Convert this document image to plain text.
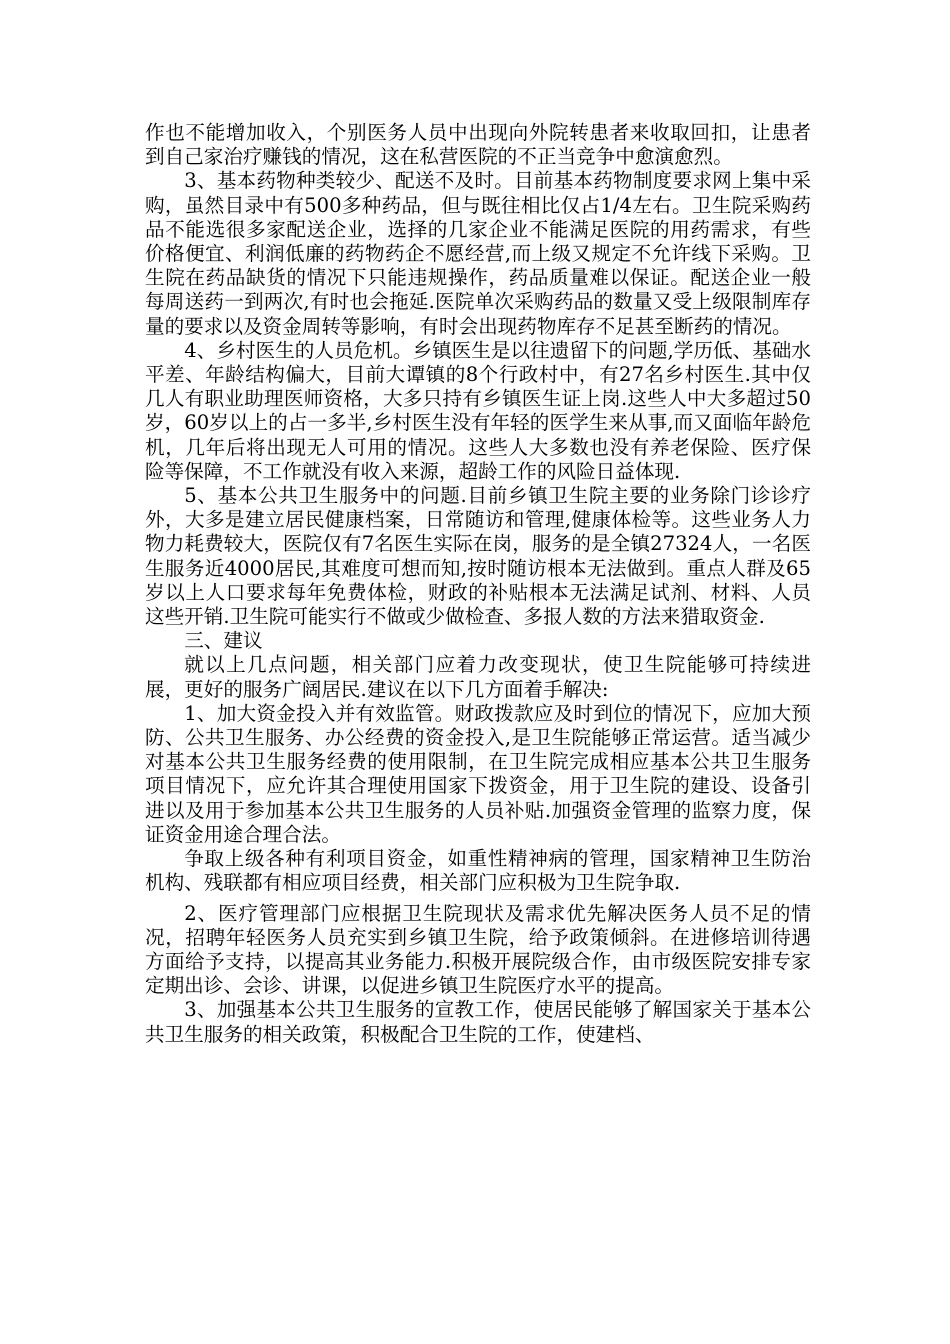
作也不能增加收入，个别医务人员中出现向外院转患者来收取回扣，让患者到自己家治疗赚钱的情况，这在私营医院的不正当竞争中愈演愈烈。

3、基本药物种类较少、配送不及时。目前基本药物制度要求网上集中采购，虽然目录中有500多种药品，但与既往相比仅占1/4左右。卫生院采购药品不能选很多家配送企业，选择的几家企业不能满足医院的用药需求，有些价格便宜、利润低廉的药物药企不愿经营,而上级又规定不允许线下采购。卫生院在药品缺货的情况下只能违规操作，药品质量难以保证。配送企业一般每周送药一到两次,有时也会拖延.医院单次采购药品的数量又受上级限制库存量的要求以及资金周转等影响，有时会出现药物库存不足甚至断药的情况。

4、乡村医生的人员危机。乡镇医生是以往遗留下的问题,学历低、基础水平差、年龄结构偏大，目前大谭镇的8个行政村中，有27名乡村医生.其中仅几人有职业助理医师资格，大多只持有乡镇医生证上岗.这些人中大多超过50岁，60岁以上的占一多半,乡村医生没有年轻的医学生来从事,而又面临年龄危机，几年后将出现无人可用的情况。这些人大多数也没有养老保险、医疗保险等保障，不工作就没有收入来源，超龄工作的风险日益体现.

5、基本公共卫生服务中的问题.目前乡镇卫生院主要的业务除门诊诊疗外，大多是建立居民健康档案，日常随访和管理,健康体检等。这些业务人力物力耗费较大，医院仅有7名医生实际在岗，服务的是全镇27324人，一名医生服务近4000居民,其难度可想而知,按时随访根本无法做到。重点人群及65岁以上人口要求每年免费体检，财政的补贴根本无法满足试剂、材料、人员这些开销.卫生院可能实行不做或少做检查、多报人数的方法来猎取资金.

三、建议

就以上几点问题，相关部门应着力改变现状，使卫生院能够可持续进展，更好的服务广阔居民.建议在以下几方面着手解决:

1、加大资金投入并有效监管。财政拨款应及时到位的情况下，应加大预防、公共卫生服务、办公经费的资金投入,是卫生院能够正常运营。适当减少对基本公共卫生服务经费的使用限制，在卫生院完成相应基本公共卫生服务项目情况下，应允许其合理使用国家下拨资金，用于卫生院的建设、设备引进以及用于参加基本公共卫生服务的人员补贴.加强资金管理的监察力度，保证资金用途合理合法。

争取上级各种有利项目资金，如重性精神病的管理，国家精神卫生防治机构、残联都有相应项目经费，相关部门应积极为卫生院争取.

2、医疗管理部门应根据卫生院现状及需求优先解决医务人员不足的情况，招聘年轻医务人员充实到乡镇卫生院，给予政策倾斜。在进修培训待遇方面给予支持，以提高其业务能力.积极开展院级合作，由市级医院安排专家定期出诊、会诊、讲课，以促进乡镇卫生院医疗水平的提高。

3、加强基本公共卫生服务的宣教工作，使居民能够了解国家关于基本公共卫生服务的相关政策，积极配合卫生院的工作，使建档、
